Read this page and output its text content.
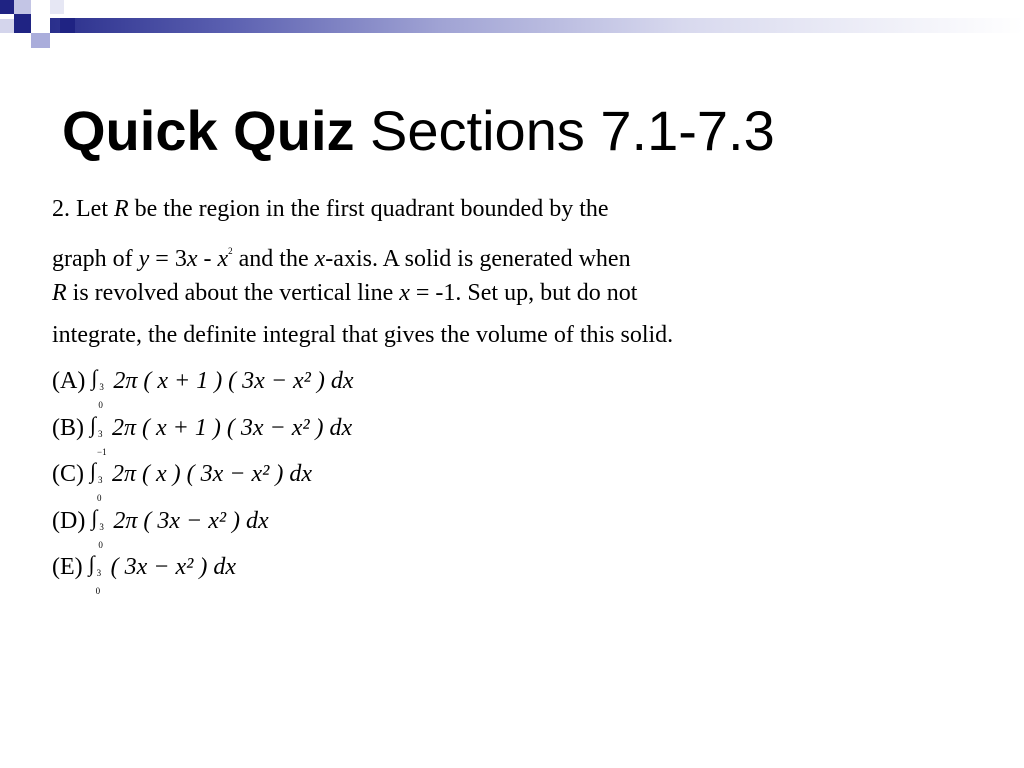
Quick Quiz Sections 7.1-7.3
2. Let R be the region in the first quadrant bounded by the
graph of $y = 3x - x^2$ and the x-axis. A solid is generated when
R is revolved about the vertical line x = -1. Set up, but do not
integrate, the definite integral that gives the volume of this solid.
(A) ∫ 3
0
2π ( x + 1 ) ( 3x − x² ) dx
(B) ∫ 3
−1
2π ( x + 1 ) ( 3x − x² ) dx
(C) ∫ 3
0
2π ( x ) ( 3x − x² ) dx
(D) ∫ 3
0
2π ( 3x − x² ) dx
(E) ∫ 3
0
( 3x − x² ) dx
